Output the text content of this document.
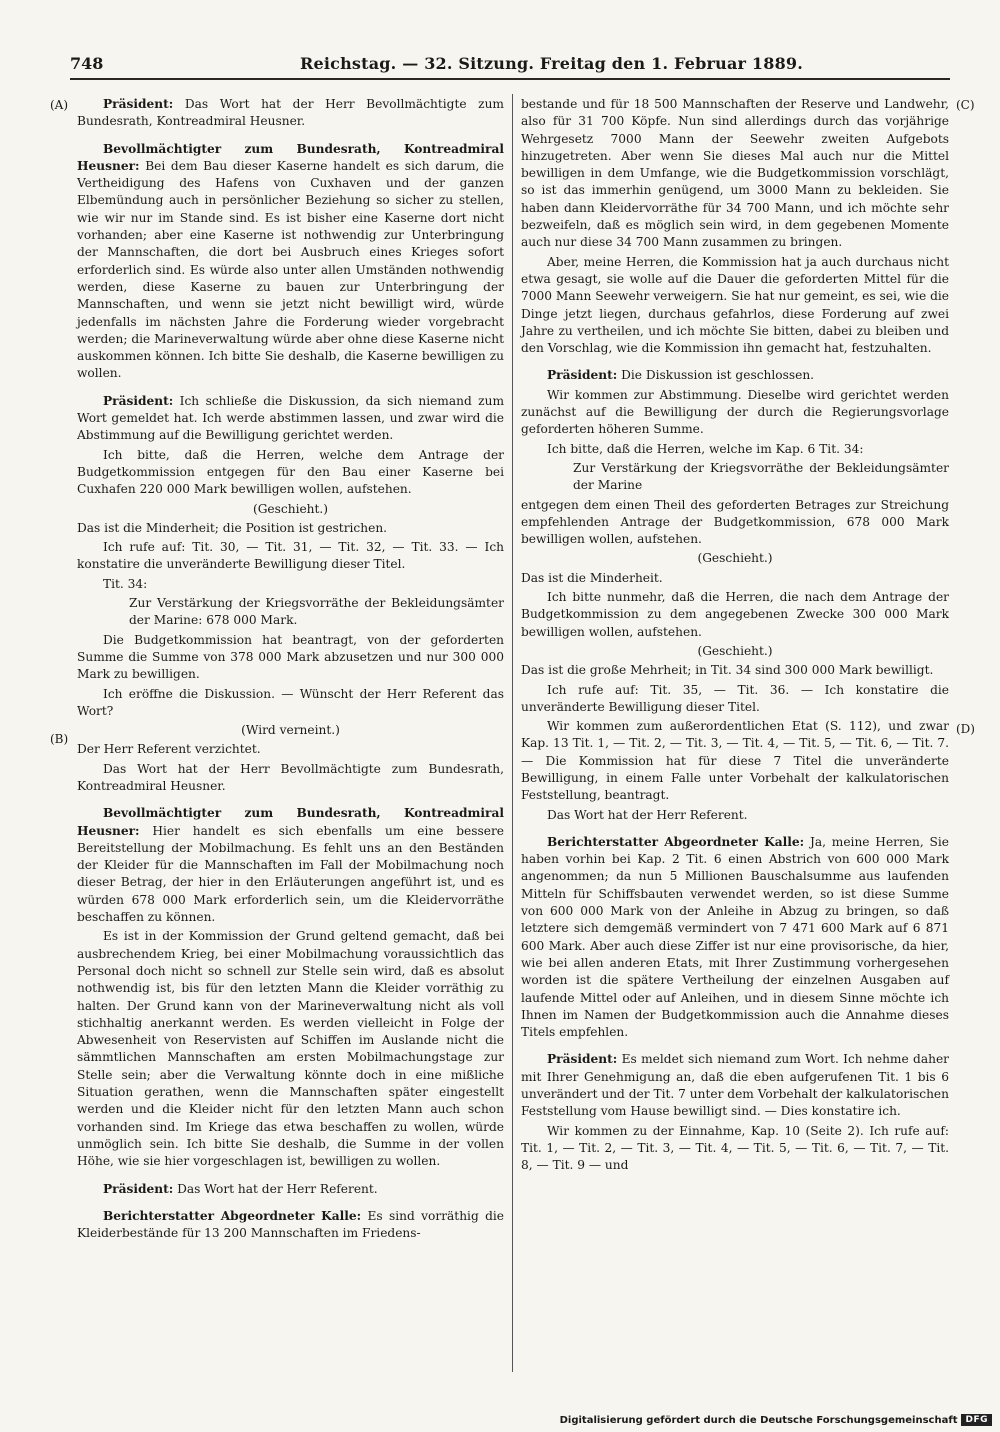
748	Reichstag. — 32. Sitzung. Freitag den 1. Februar 1889.
(A)
(B)
(C)
(D)

Präsident: Das Wort hat der Herr Bevollmächtigte zum Bundesrath, Kontreadmiral Heusner.

Bevollmächtigter zum Bundesrath, Kontreadmiral Heusner: Bei dem Bau dieser Kaserne handelt es sich darum, die Vertheidigung des Hafens von Cuxhaven und der ganzen Elbemündung auch in persönlicher Beziehung so sicher zu stellen, wie wir nur im Stande sind. Es ist bisher eine Kaserne dort nicht vorhanden; aber eine Kaserne ist nothwendig zur Unterbringung der Mannschaften, die dort bei Ausbruch eines Krieges sofort erforderlich sind. Es würde also unter allen Umständen nothwendig werden, diese Kaserne zu bauen zur Unterbringung der Mannschaften, und wenn sie jetzt nicht bewilligt wird, würde jedenfalls im nächsten Jahre die Forderung wieder vorgebracht werden; die Marineverwaltung würde aber ohne diese Kaserne nicht auskommen können. Ich bitte Sie deshalb, die Kaserne bewilligen zu wollen.

Präsident: Ich schließe die Diskussion, da sich niemand zum Wort gemeldet hat. Ich werde abstimmen lassen, und zwar wird die Abstimmung auf die Bewilligung gerichtet werden.

Ich bitte, daß die Herren, welche dem Antrage der Budgetkommission entgegen für den Bau einer Kaserne bei Cuxhafen 220 000 Mark bewilligen wollen, aufstehen.

(Geschieht.)

Das ist die Minderheit; die Position ist gestrichen.

Ich rufe auf: Tit. 30, — Tit. 31, — Tit. 32, — Tit. 33. — Ich konstatire die unveränderte Bewilligung dieser Titel.

Tit. 34:

Zur Verstärkung der Kriegsvorräthe der Bekleidungsämter der Marine: 678 000 Mark.

Die Budgetkommission hat beantragt, von der geforderten Summe die Summe von 378 000 Mark abzusetzen und nur 300 000 Mark zu bewilligen.

Ich eröffne die Diskussion. — Wünscht der Herr Referent das Wort?

(Wird verneint.)

Der Herr Referent verzichtet.

Das Wort hat der Herr Bevollmächtigte zum Bundesrath, Kontreadmiral Heusner.

Bevollmächtigter zum Bundesrath, Kontreadmiral Heusner: Hier handelt es sich ebenfalls um eine bessere Bereitstellung der Mobilmachung. Es fehlt uns an den Beständen der Kleider für die Mannschaften im Fall der Mobilmachung noch dieser Betrag, der hier in den Erläuterungen angeführt ist, und es würden 678 000 Mark erforderlich sein, um die Kleidervorräthe beschaffen zu können.

Es ist in der Kommission der Grund geltend gemacht, daß bei ausbrechendem Krieg, bei einer Mobilmachung voraussichtlich das Personal doch nicht so schnell zur Stelle sein wird, daß es absolut nothwendig ist, bis für den letzten Mann die Kleider vorräthig zu halten. Der Grund kann von der Marineverwaltung nicht als voll stichhaltig anerkannt werden. Es werden vielleicht in Folge der Abwesenheit von Reservisten auf Schiffen im Auslande nicht die sämmtlichen Mannschaften am ersten Mobilmachungstage zur Stelle sein; aber die Verwaltung könnte doch in eine mißliche Situation gerathen, wenn die Mannschaften später eingestellt werden und die Kleider nicht für den letzten Mann auch schon vorhanden sind. Im Kriege das etwa beschaffen zu wollen, würde unmöglich sein. Ich bitte Sie deshalb, die Summe in der vollen Höhe, wie sie hier vorgeschlagen ist, bewilligen zu wollen.

Präsident: Das Wort hat der Herr Referent.

Berichterstatter Abgeordneter Kalle: Es sind vorräthig die Kleiderbestände für 13 200 Mannschaften im Friedens-

bestande und für 18 500 Mannschaften der Reserve und Landwehr, also für 31 700 Köpfe. Nun sind allerdings durch das vorjährige Wehrgesetz 7000 Mann der Seewehr zweiten Aufgebots hinzugetreten. Aber wenn Sie dieses Mal auch nur die Mittel bewilligen in dem Umfange, wie die Budgetkommission vorschlägt, so ist das immerhin genügend, um 3000 Mann zu bekleiden. Sie haben dann Kleidervorräthe für 34 700 Mann, und ich möchte sehr bezweifeln, daß es möglich sein wird, in dem gegebenen Momente auch nur diese 34 700 Mann zusammen zu bringen.

Aber, meine Herren, die Kommission hat ja auch durchaus nicht etwa gesagt, sie wolle auf die Dauer die geforderten Mittel für die 7000 Mann Seewehr verweigern. Sie hat nur gemeint, es sei, wie die Dinge jetzt liegen, durchaus gefahrlos, diese Forderung auf zwei Jahre zu vertheilen, und ich möchte Sie bitten, dabei zu bleiben und den Vorschlag, wie die Kommission ihn gemacht hat, festzuhalten.

Präsident: Die Diskussion ist geschlossen.

Wir kommen zur Abstimmung. Dieselbe wird gerichtet werden zunächst auf die Bewilligung der durch die Regierungsvorlage geforderten höheren Summe.

Ich bitte, daß die Herren, welche im Kap. 6 Tit. 34:

Zur Verstärkung der Kriegsvorräthe der Bekleidungsämter der Marine

entgegen dem einen Theil des geforderten Betrages zur Streichung empfehlenden Antrage der Budgetkommission, 678 000 Mark bewilligen wollen, aufstehen.

(Geschieht.)

Das ist die Minderheit.

Ich bitte nunmehr, daß die Herren, die nach dem Antrage der Budgetkommission zu dem angegebenen Zwecke 300 000 Mark bewilligen wollen, aufstehen.

(Geschieht.)

Das ist die große Mehrheit; in Tit. 34 sind 300 000 Mark bewilligt.

Ich rufe auf: Tit. 35, — Tit. 36. — Ich konstatire die unveränderte Bewilligung dieser Titel.

Wir kommen zum außerordentlichen Etat (S. 112), und zwar Kap. 13 Tit. 1, — Tit. 2, — Tit. 3, — Tit. 4, — Tit. 5, — Tit. 6, — Tit. 7. — Die Kommission hat für diese 7 Titel die unveränderte Bewilligung, in einem Falle unter Vorbehalt der kalkulatorischen Feststellung, beantragt.

Das Wort hat der Herr Referent.

Berichterstatter Abgeordneter Kalle: Ja, meine Herren, Sie haben vorhin bei Kap. 2 Tit. 6 einen Abstrich von 600 000 Mark angenommen; da nun 5 Millionen Bauschalsumme aus laufenden Mitteln für Schiffsbauten verwendet werden, so ist diese Summe von 600 000 Mark von der Anleihe in Abzug zu bringen, so daß letztere sich demgemäß vermindert von 7 471 600 Mark auf 6 871 600 Mark. Aber auch diese Ziffer ist nur eine provisorische, da hier, wie bei allen anderen Etats, mit Ihrer Zustimmung vorhergesehen worden ist die spätere Vertheilung der einzelnen Ausgaben auf laufende Mittel oder auf Anleihen, und in diesem Sinne möchte ich Ihnen im Namen der Budgetkommission auch die Annahme dieses Titels empfehlen.

Präsident: Es meldet sich niemand zum Wort. Ich nehme daher mit Ihrer Genehmigung an, daß die eben aufgerufenen Tit. 1 bis 6 unverändert und der Tit. 7 unter dem Vorbehalt der kalkulatorischen Feststellung vom Hause bewilligt sind. — Dies konstatire ich.

Wir kommen zu der Einnahme, Kap. 10 (Seite 2). Ich rufe auf: Tit. 1, — Tit. 2, — Tit. 3, — Tit. 4, — Tit. 5, — Tit. 6, — Tit. 7, — Tit. 8, — Tit. 9 — und

Digitalisierung gefördert durch die Deutsche Forschungsgemeinschaft DFG
